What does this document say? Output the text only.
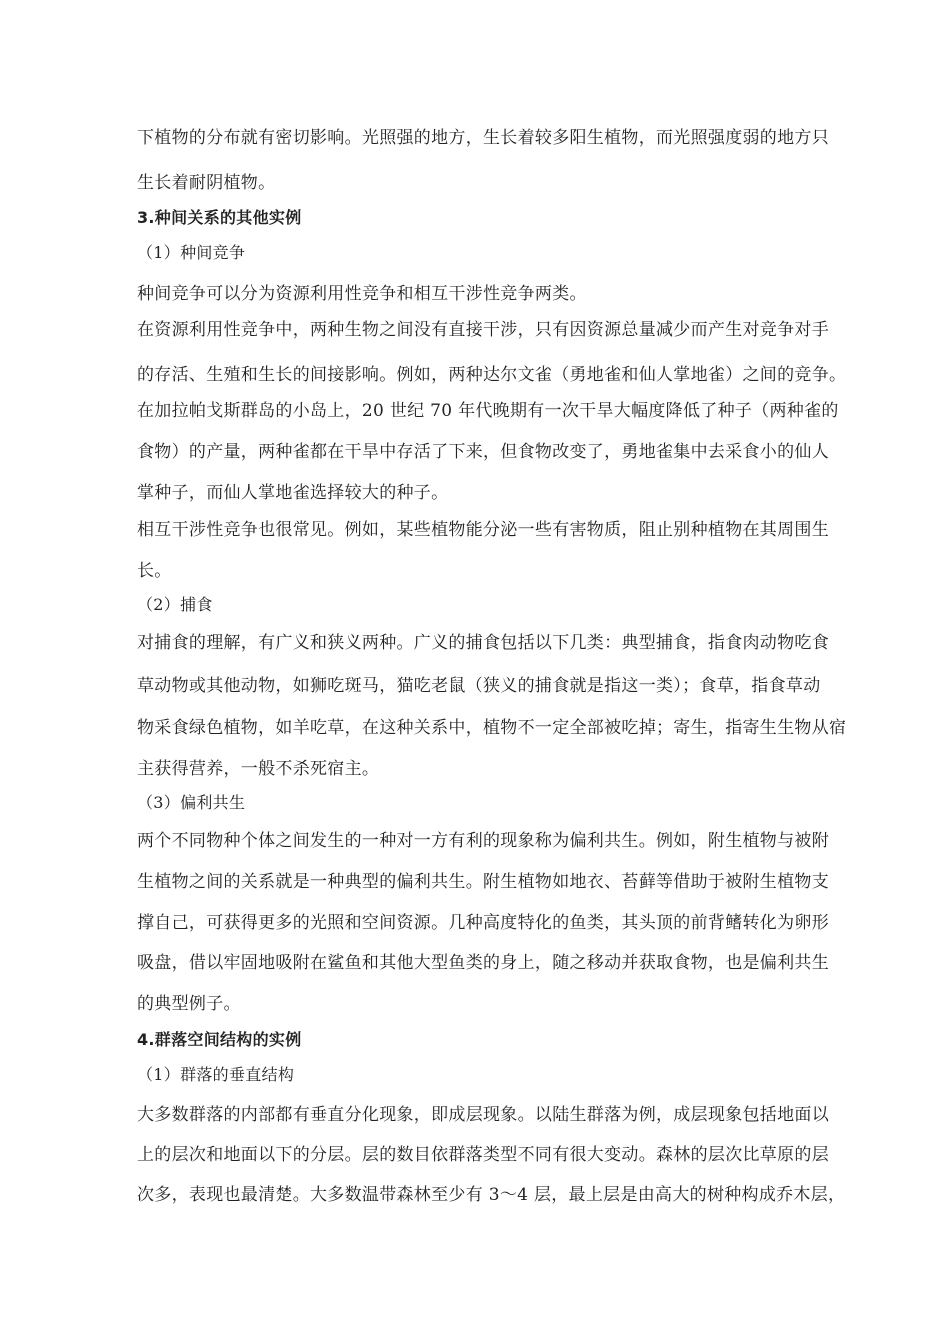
下植物的分布就有密切影响。光照强的地方，生长着较多阳生植物，而光照强度弱的地方只
生长着耐阴植物。
3.种间关系的其他实例
（1）种间竞争
种间竞争可以分为资源利用性竞争和相互干涉性竞争两类。
在资源利用性竞争中，两种生物之间没有直接干涉，只有因资源总量减少而产生对竞争对手
的存活、生殖和生长的间接影响。例如，两种达尔文雀（勇地雀和仙人掌地雀）之间的竞争。
在加拉帕戈斯群岛的小岛上，20 世纪 70 年代晚期有一次干旱大幅度降低了种子（两种雀的
食物）的产量，两种雀都在干旱中存活了下来，但食物改变了，勇地雀集中去采食小的仙人
掌种子，而仙人掌地雀选择较大的种子。
相互干涉性竞争也很常见。例如，某些植物能分泌一些有害物质，阻止别种植物在其周围生
长。
（2）捕食
对捕食的理解，有广义和狭义两种。广义的捕食包括以下几类：典型捕食，指食肉动物吃食
草动物或其他动物，如狮吃斑马，猫吃老鼠（狭义的捕食就是指这一类）；食草，指食草动
物采食绿色植物，如羊吃草，在这种关系中，植物不一定全部被吃掉；寄生，指寄生生物从宿
主获得营养，一般不杀死宿主。
（3）偏利共生
两个不同物种个体之间发生的一种对一方有利的现象称为偏利共生。例如，附生植物与被附
生植物之间的关系就是一种典型的偏利共生。附生植物如地衣、苔藓等借助于被附生植物支
撑自己，可获得更多的光照和空间资源。几种高度特化的鱼类，其头顶的前背鳍转化为卵形
吸盘，借以牢固地吸附在鲨鱼和其他大型鱼类的身上，随之移动并获取食物，也是偏利共生
的典型例子。
4.群落空间结构的实例
（1）群落的垂直结构
大多数群落的内部都有垂直分化现象，即成层现象。以陆生群落为例，成层现象包括地面以
上的层次和地面以下的分层。层的数目依群落类型不同有很大变动。森林的层次比草原的层
次多，表现也最清楚。大多数温带森林至少有 3～4 层，最上层是由高大的树种构成乔木层，
